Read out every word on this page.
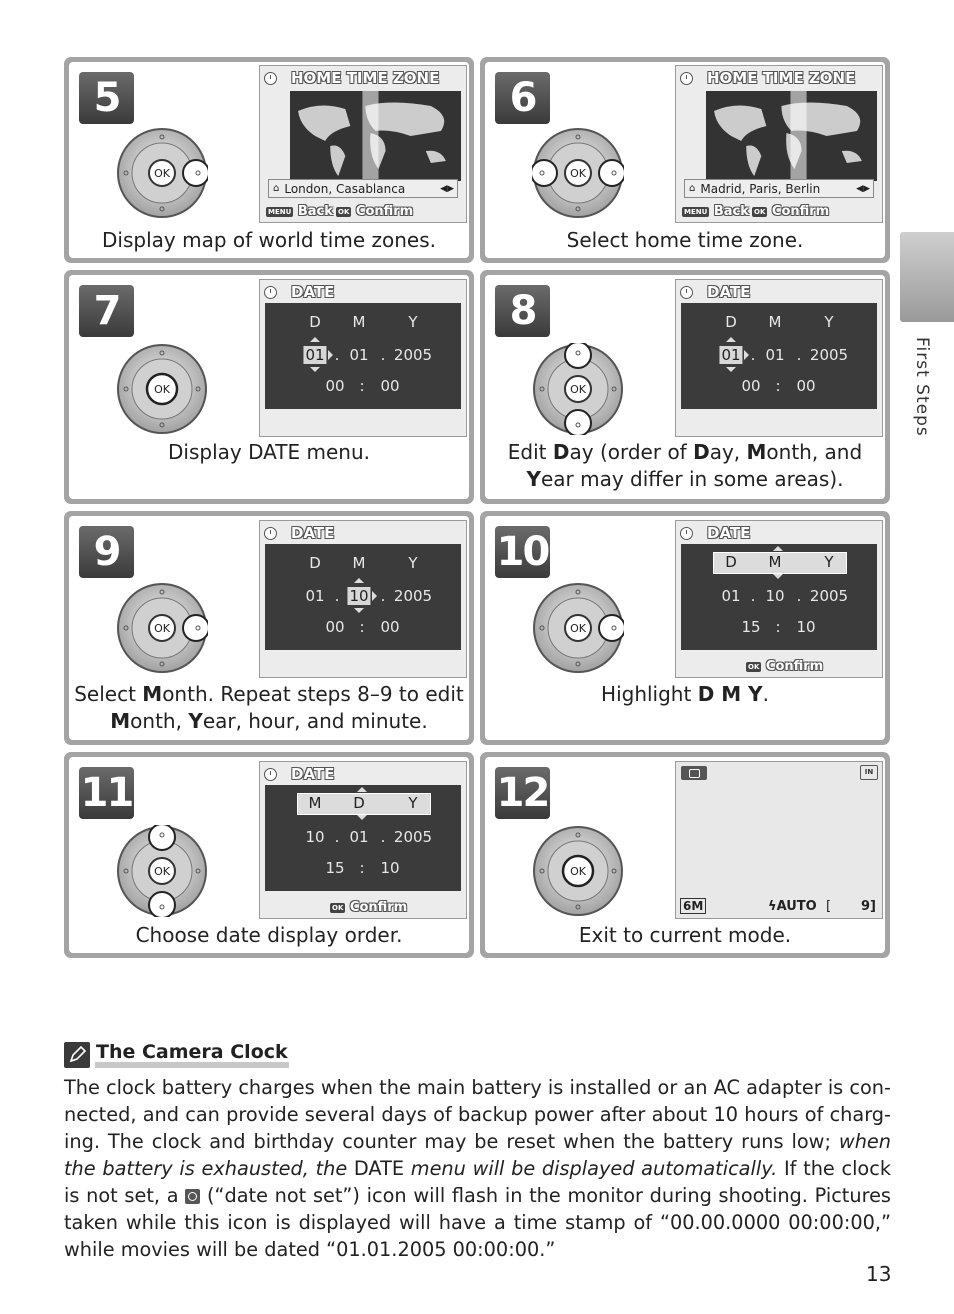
First Steps
5
OK
HOME TIME ZONE
⌂ London, Casablanca	◀▶
MENU Back OK Confirm
Display map of world time zones.
6
OK
HOME TIME ZONE
⌂ Madrid, Paris, Berlin	◀▶
MENU Back OK Confirm
Select home time zone.
7
OK
DATE
D M	Y
01 . 01 . 2005
00 : 00
Display DATE menu.
8
OK
DATE
D M	Y
01 . 01 . 2005
00 : 00
Edit Day (order of Day, Month, and
Year may differ in some areas).
9
OK
DATE
D M	Y
01 . 10 . 2005
00 : 00
Select Month. Repeat steps 8–9 to edit Month, Year, hour, and minute.
10
OK
DATE
D M	Y
01 . 10 . 2005
15 : 10
OK Confirm
Highlight D M Y.
11
OK
DATE
M D	Y
10 . 01 . 2005
15 : 10
OK Confirm
Choose date display order.
12
OK
IN
6M	ϟAUTO [ 9]
Exit to current mode.
The Camera Clock
The clock battery charges when the main battery is installed or an AC adapter is con-nected, and can provide several days of backup power after about 10 hours of charg-ing. The clock and birthday counter may be reset when the battery runs low; when the battery is exhausted, the DATE menu will be displayed automatically. If the clock is not set, a
(“date not set”) icon will flash in the monitor during shooting. Pictures taken while this icon is displayed will have a time stamp of “00.00.0000 00:00:00,” while movies will be dated “01.01.2005 00:00:00.”
13
